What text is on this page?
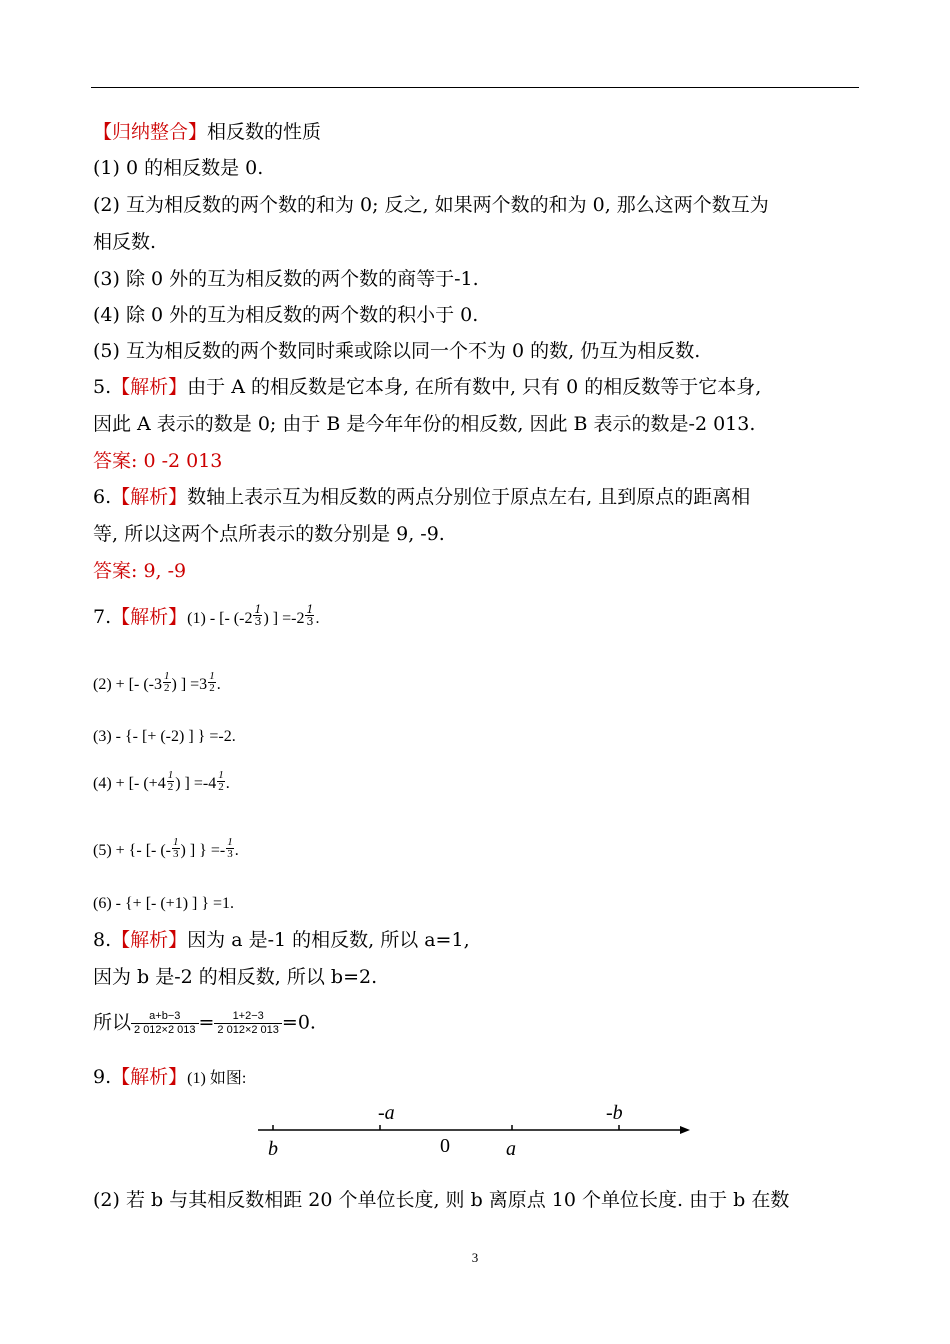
【归纳整合】相反数的性质
(1) 0 的相反数是 0.
(2) 互为相反数的两个数的和为 0; 反之, 如果两个数的和为 0, 那么这两个数互为
相反数.
(3) 除 0 外的互为相反数的两个数的商等于-1.
(4) 除 0 外的互为相反数的两个数的积小于 0.
(5) 互为相反数的两个数同时乘或除以同一个不为 0 的数, 仍互为相反数.
5.【解析】由于 A 的相反数是它本身, 在所有数中, 只有 0 的相反数等于它本身,
因此 A 表示的数是 0; 由于 B 是今年年份的相反数, 因此 B 表示的数是-2 013.
答案: 0 -2 013
6.【解析】数轴上表示互为相反数的两点分别位于原点左右, 且到原点的距离相
等, 所以这两个点所表示的数分别是 9, -9.
答案: 9, -9
7.【解析】(1) - [- ($-2 \frac{1}{3}$ ) ] $=-2 \frac{1}{3}$ .
(2) + [- ($-3 \frac{1}{2}$ ) ] $=3 \frac{1}{2}$ .
(3) - {- [+ (-2) ] } =-2.
(4) + [- ($+4 \frac{1}{2}$ ) ] $=-4 \frac{1}{2}$ .
(5) + {- [- (- $\frac{1}{3}$ ) ] } =- $\frac{1}{3}$ .
(6) - {+ [- (+1) ] } =1.
8.【解析】因为 a 是-1 的相反数, 所以 a=1,
因为 b 是-2 的相反数, 所以 b=2.
所以 $\frac{a+b-3}{2 012\times 2 013} = \frac{1+2-3}{2 012\times 2 013} =0$.
9.【解析】(1) 如图:
b
-a
0	a
-b
(2) 若 b 与其相反数相距 20 个单位长度, 则 b 离原点 10 个单位长度. 由于 b 在数
3
